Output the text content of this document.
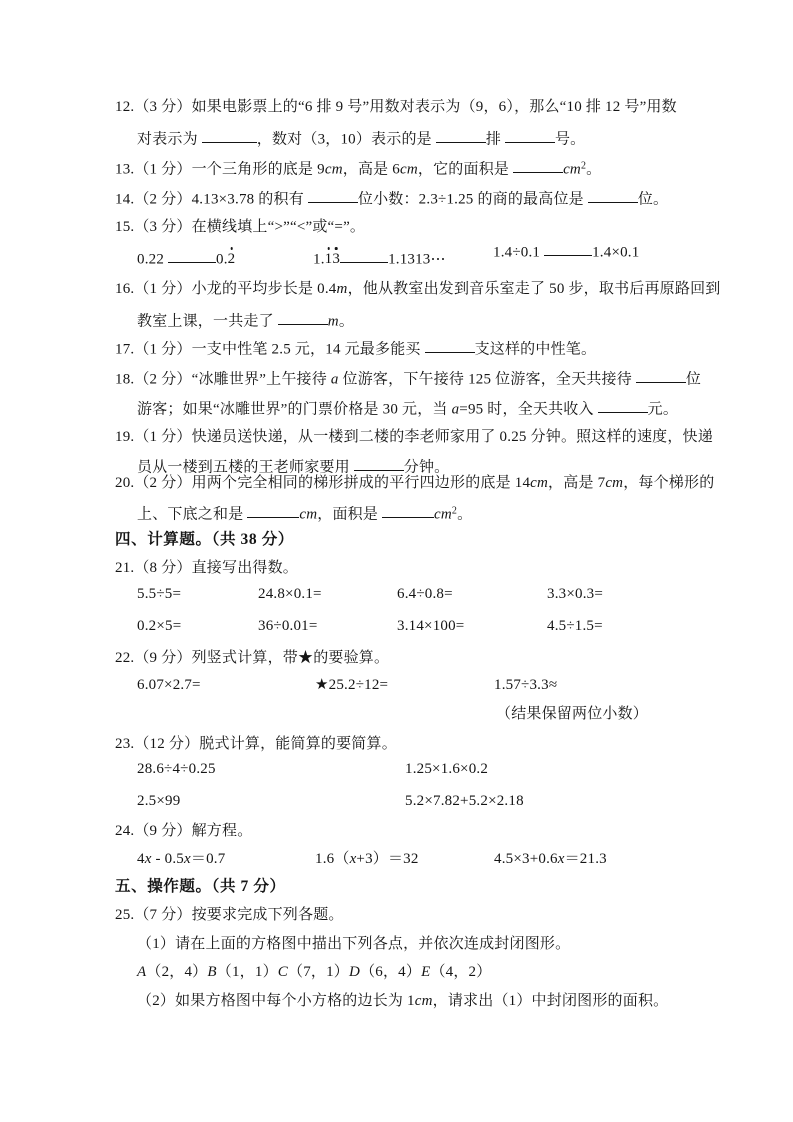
12.（3 分）如果电影票上的“6 排 9 号”用数对表示为（9，6），那么“10 排 12 号”用数
对表示为	，数对（3，10）表示的是	排	号。
13.（1 分）一个三角形的底是 9cm，高是 6cm，它的面积是	$cm^2$。
14.（2 分）4.13×3.78 的积有	位小数：2.3÷1.25 的商的最高位是	位。
15.（3 分）在横线填上“>”“<”或“=”。
0.22	0.2	1.13	1.1313⋯	1.4÷0.1	1.4×0.1
16.（1 分）小龙的平均步长是 0.4m，他从教室出发到音乐室走了 50 步，取书后再原路回到
教室上课，一共走了	m。
17.（1 分）一支中性笔 2.5 元，14 元最多能买	支这样的中性笔。
18.（2 分）“冰雕世界”上午接待 a 位游客，下午接待 125 位游客，全天共接待	位
游客；如果“冰雕世界”的门票价格是 30 元，当 a=95 时，全天共收入	元。
19.（1 分）快递员送快递，从一楼到二楼的李老师家用了 0.25 分钟。照这样的速度，快递
员从一楼到五楼的王老师家要用	分钟。
20.（2 分）用两个完全相同的梯形拼成的平行四边形的底是 14cm，高是 7cm，每个梯形的
上、下底之和是	cm，面积是	$cm^2$。
四、计算题。（共 38 分）
21.（8 分）直接写出得数。
5.5÷5=	24.8×0.1=	6.4÷0.8=	3.3×0.3=
0.2×5=	36÷0.01=	3.14×100=	4.5÷1.5=
22.（9 分）列竖式计算，带★的要验算。
6.07×2.7=	★25.2÷12=	1.57÷3.3≈
（结果保留两位小数）
23.（12 分）脱式计算，能简算的要简算。
28.6÷4÷0.25	1.25×1.6×0.2
2.5×99	5.2×7.82+5.2×2.18
24.（9 分）解方程。
4x - 0.5x＝0.7	1.6（x+3）＝32	4.5×3+0.6x＝21.3
五、操作题。（共 7 分）
25.（7 分）按要求完成下列各题。
（1）请在上面的方格图中描出下列各点，并依次连成封闭图形。
A（2，4）B（1，1）C（7，1）D（6，4）E（4，2）
（2）如果方格图中每个小方格的边长为 1cm，请求出（1）中封闭图形的面积。
